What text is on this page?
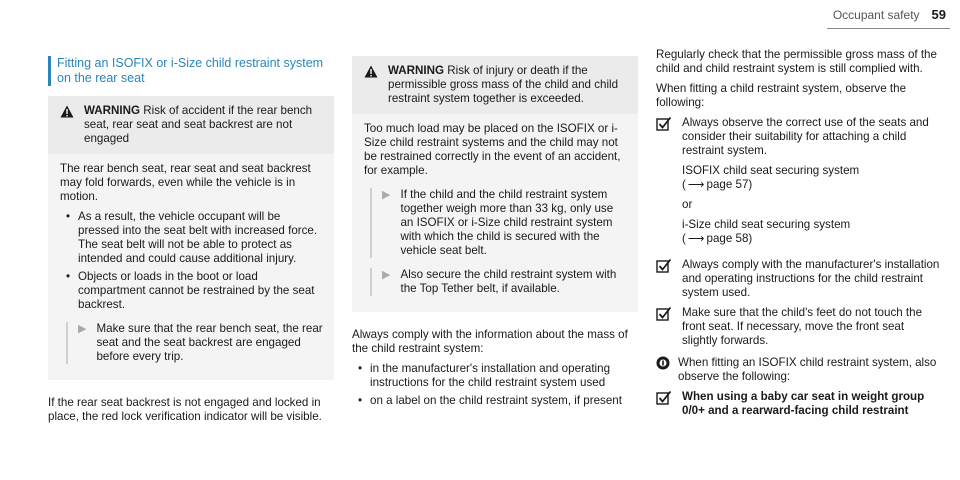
Occupant safety 59
Fitting an ISOFIX or i-Size child restraint system
on the rear seat
WARNING Risk of accident if the rear bench seat, rear seat and seat backrest are not engaged

The rear bench seat, rear seat and seat backrest may fold forwards, even while the vehicle is in motion.

• As a result, the vehicle occupant will be pressed into the seat belt with increased force. The seat belt will not be able to protect as intended and could cause additional injury.
• Objects or loads in the boot or load compartment cannot be restrained by the seat backrest.
▶ Make sure that the rear bench seat, the rear seat and the seat backrest are engaged before every trip.

If the rear seat backrest is not engaged and locked in place, the red lock verification indicator will be visible.

WARNING Risk of injury or death if the permissible gross mass of the child and child restraint system together is exceeded.

Too much load may be placed on the ISOFIX or i-Size child restraint systems and the child may not be restrained correctly in the event of an accident, for example.

▶ If the child and the child restraint system together weigh more than 33 kg, only use an ISOFIX or i-Size child restraint system with which the child is secured with the vehicle seat belt.
▶ Also secure the child restraint system with the Top Tether belt, if available.

Always comply with the information about the mass of the child restraint system:

• in the manufacturer's installation and operating instructions for the child restraint system used
• on a label on the child restraint system, if present

Regularly check that the permissible gross mass of the child and child restraint system is still complied with.

When fitting a child restraint system, observe the following:

Always observe the correct use of the seats and consider their suitability for attaching a child restraint system.

ISOFIX child seat securing system
( ⟶ page 57)

or

i-Size child seat securing system
( ⟶ page 58)

Always comply with the manufacturer's installation and operating instructions for the child restraint system used.
Make sure that the child's feet do not touch the front seat. If necessary, move the front seat slightly forwards.
When fitting an ISOFIX child restraint system, also observe the following:
When using a baby car seat in weight group 0/0+ and a rearward-facing child restraint
